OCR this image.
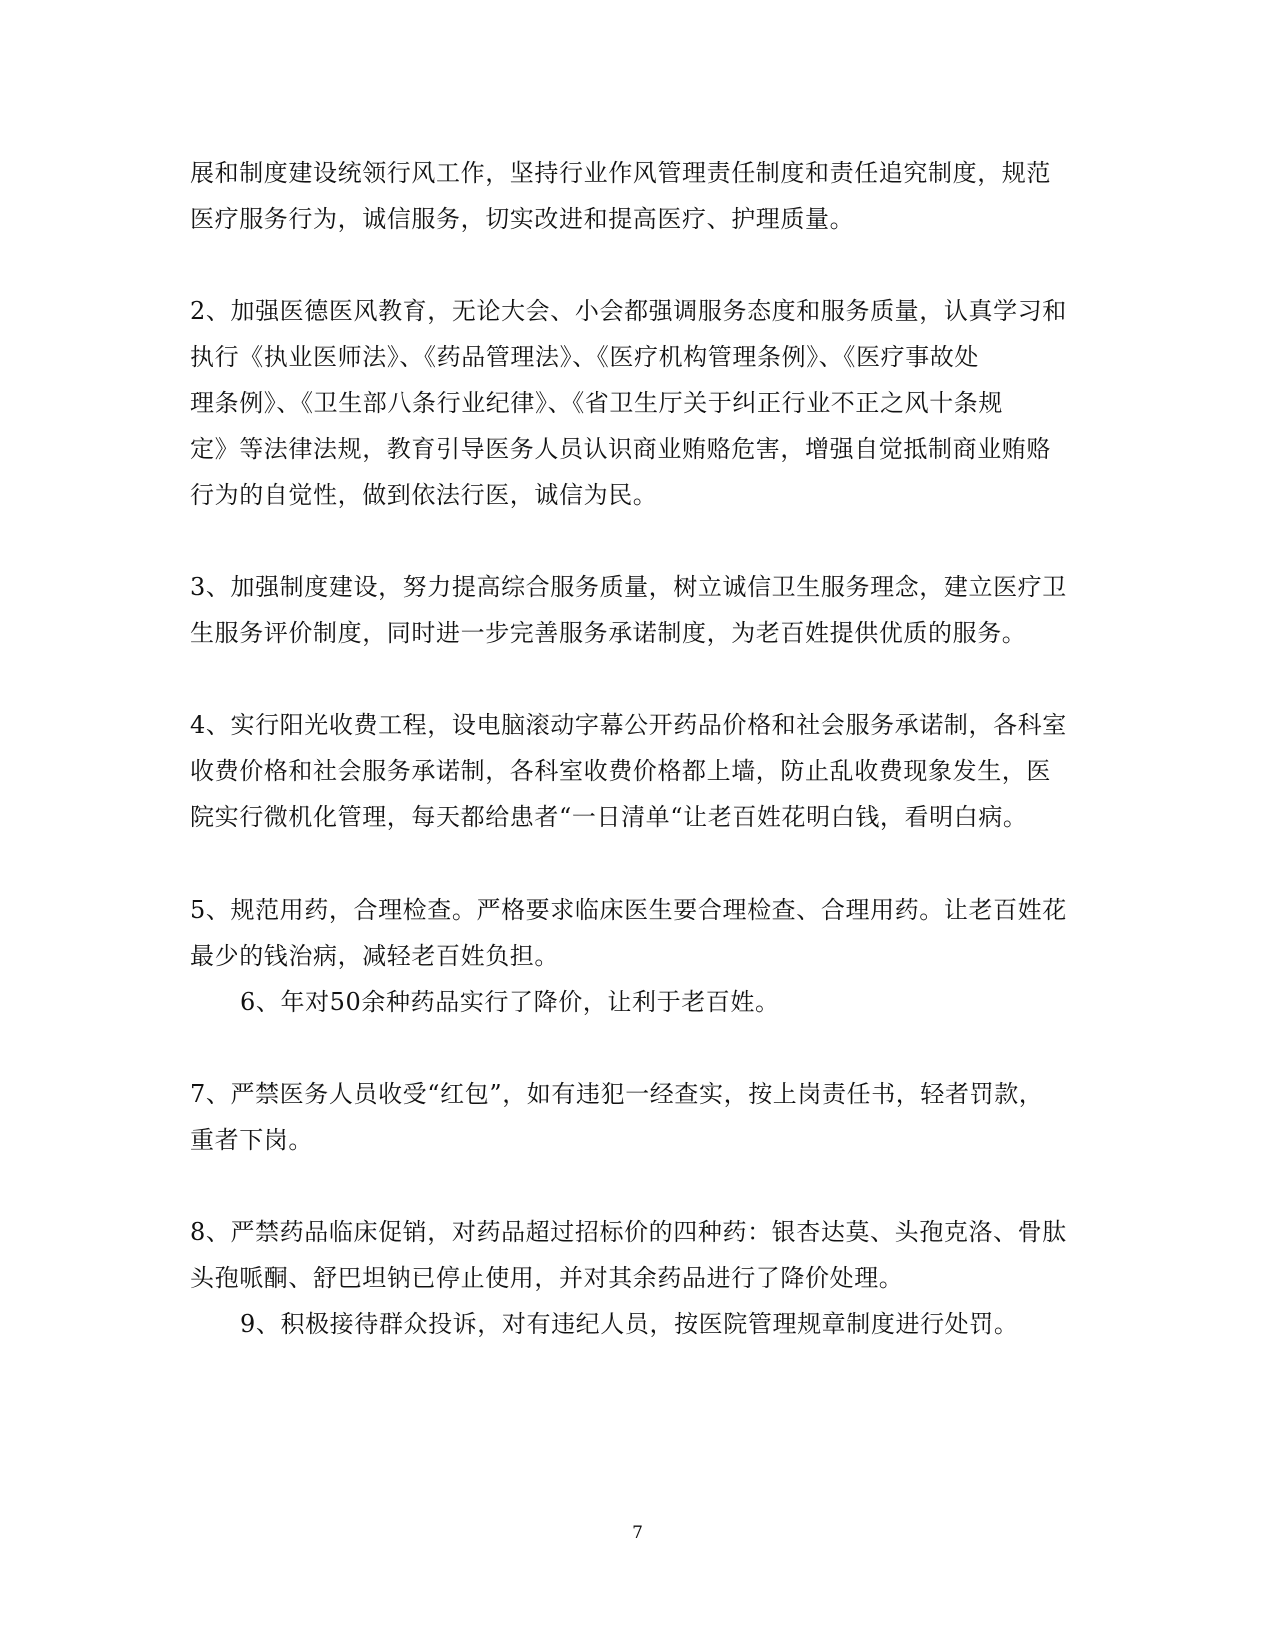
展和制度建设统领行风工作，坚持行业作风管理责任制度和责任追究制度，规范
医疗服务行为，诚信服务，切实改进和提高医疗、护理质量。
2、加强医德医风教育，无论大会、小会都强调服务态度和服务质量，认真学习和
执行《执业医师法》、《药品管理法》、《医疗机构管理条例》、《医疗事故处
理条例》、《卫生部八条行业纪律》、《省卫生厅关于纠正行业不正之风十条规
定》等法律法规，教育引导医务人员认识商业贿赂危害，增强自觉抵制商业贿赂
行为的自觉性，做到依法行医，诚信为民。
3、加强制度建设，努力提高综合服务质量，树立诚信卫生服务理念，建立医疗卫
生服务评价制度，同时进一步完善服务承诺制度，为老百姓提供优质的服务。
4、实行阳光收费工程，设电脑滚动字幕公开药品价格和社会服务承诺制，各科室
收费价格和社会服务承诺制，各科室收费价格都上墙，防止乱收费现象发生，医
院实行微机化管理，每天都给患者“一日清单“让老百姓花明白钱，看明白病。
5、规范用药，合理检查。严格要求临床医生要合理检查、合理用药。让老百姓花
最少的钱治病，减轻老百姓负担。
6、年对50余种药品实行了降价，让利于老百姓。
7、严禁医务人员收受“红包”，如有违犯一经查实，按上岗责任书，轻者罚款，
重者下岗。
8、严禁药品临床促销，对药品超过招标价的四种药：银杏达莫、头孢克洛、骨肽
头孢哌酮、舒巴坦钠已停止使用，并对其余药品进行了降价处理。
9、积极接待群众投诉，对有违纪人员，按医院管理规章制度进行处罚。
7
